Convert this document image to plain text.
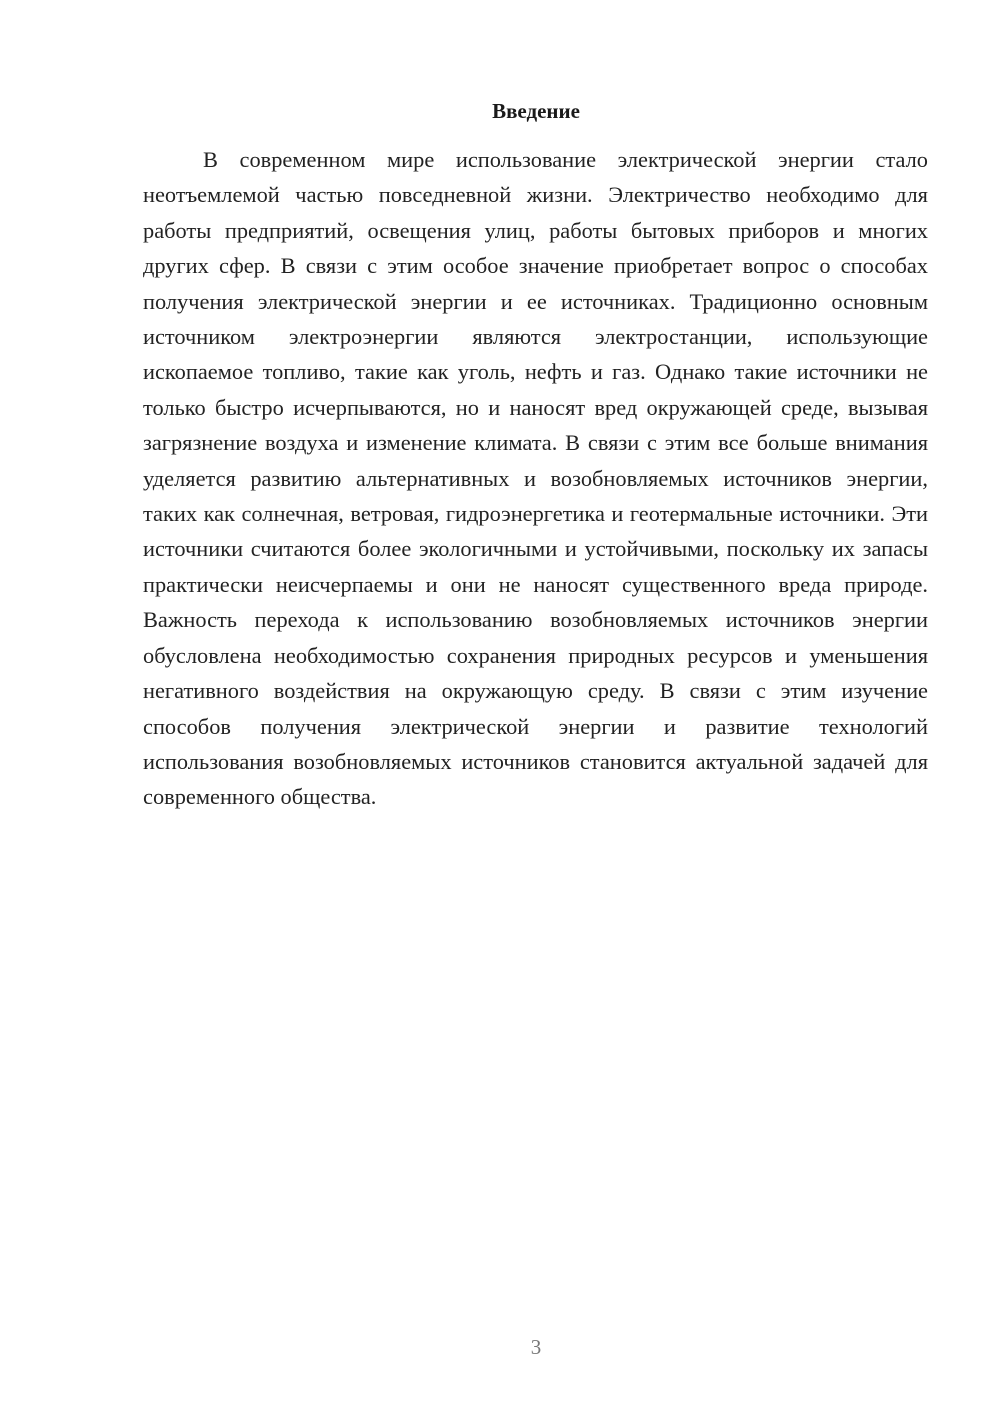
Введение

В современном мире использование электрической энергии стало неотъемлемой частью повседневной жизни. Электричество необходимо для работы предприятий, освещения улиц, работы бытовых приборов и многих других сфер. В связи с этим особое значение приобретает вопрос о способах получения электрической энергии и ее источниках. Традиционно основным источником электроэнергии являются электростанции, использующие ископаемое топливо, такие как уголь, нефть и газ. Однако такие источники не только быстро исчерпываются, но и наносят вред окружающей среде, вызывая загрязнение воздуха и изменение климата. В связи с этим все больше внимания уделяется развитию альтернативных и возобновляемых источников энергии, таких как солнечная, ветровая, гидроэнергетика и геотермальные источники. Эти источники считаются более экологичными и устойчивыми, поскольку их запасы практически неисчерпаемы и они не наносят существенного вреда природе. Важность перехода к использованию возобновляемых источников энергии обусловлена необходимостью сохранения природных ресурсов и уменьшения негативного воздействия на окружающую среду. В связи с этим изучение способов получения электрической энергии и развитие технологий использования возобновляемых источников становится актуальной задачей для современного общества.

3
